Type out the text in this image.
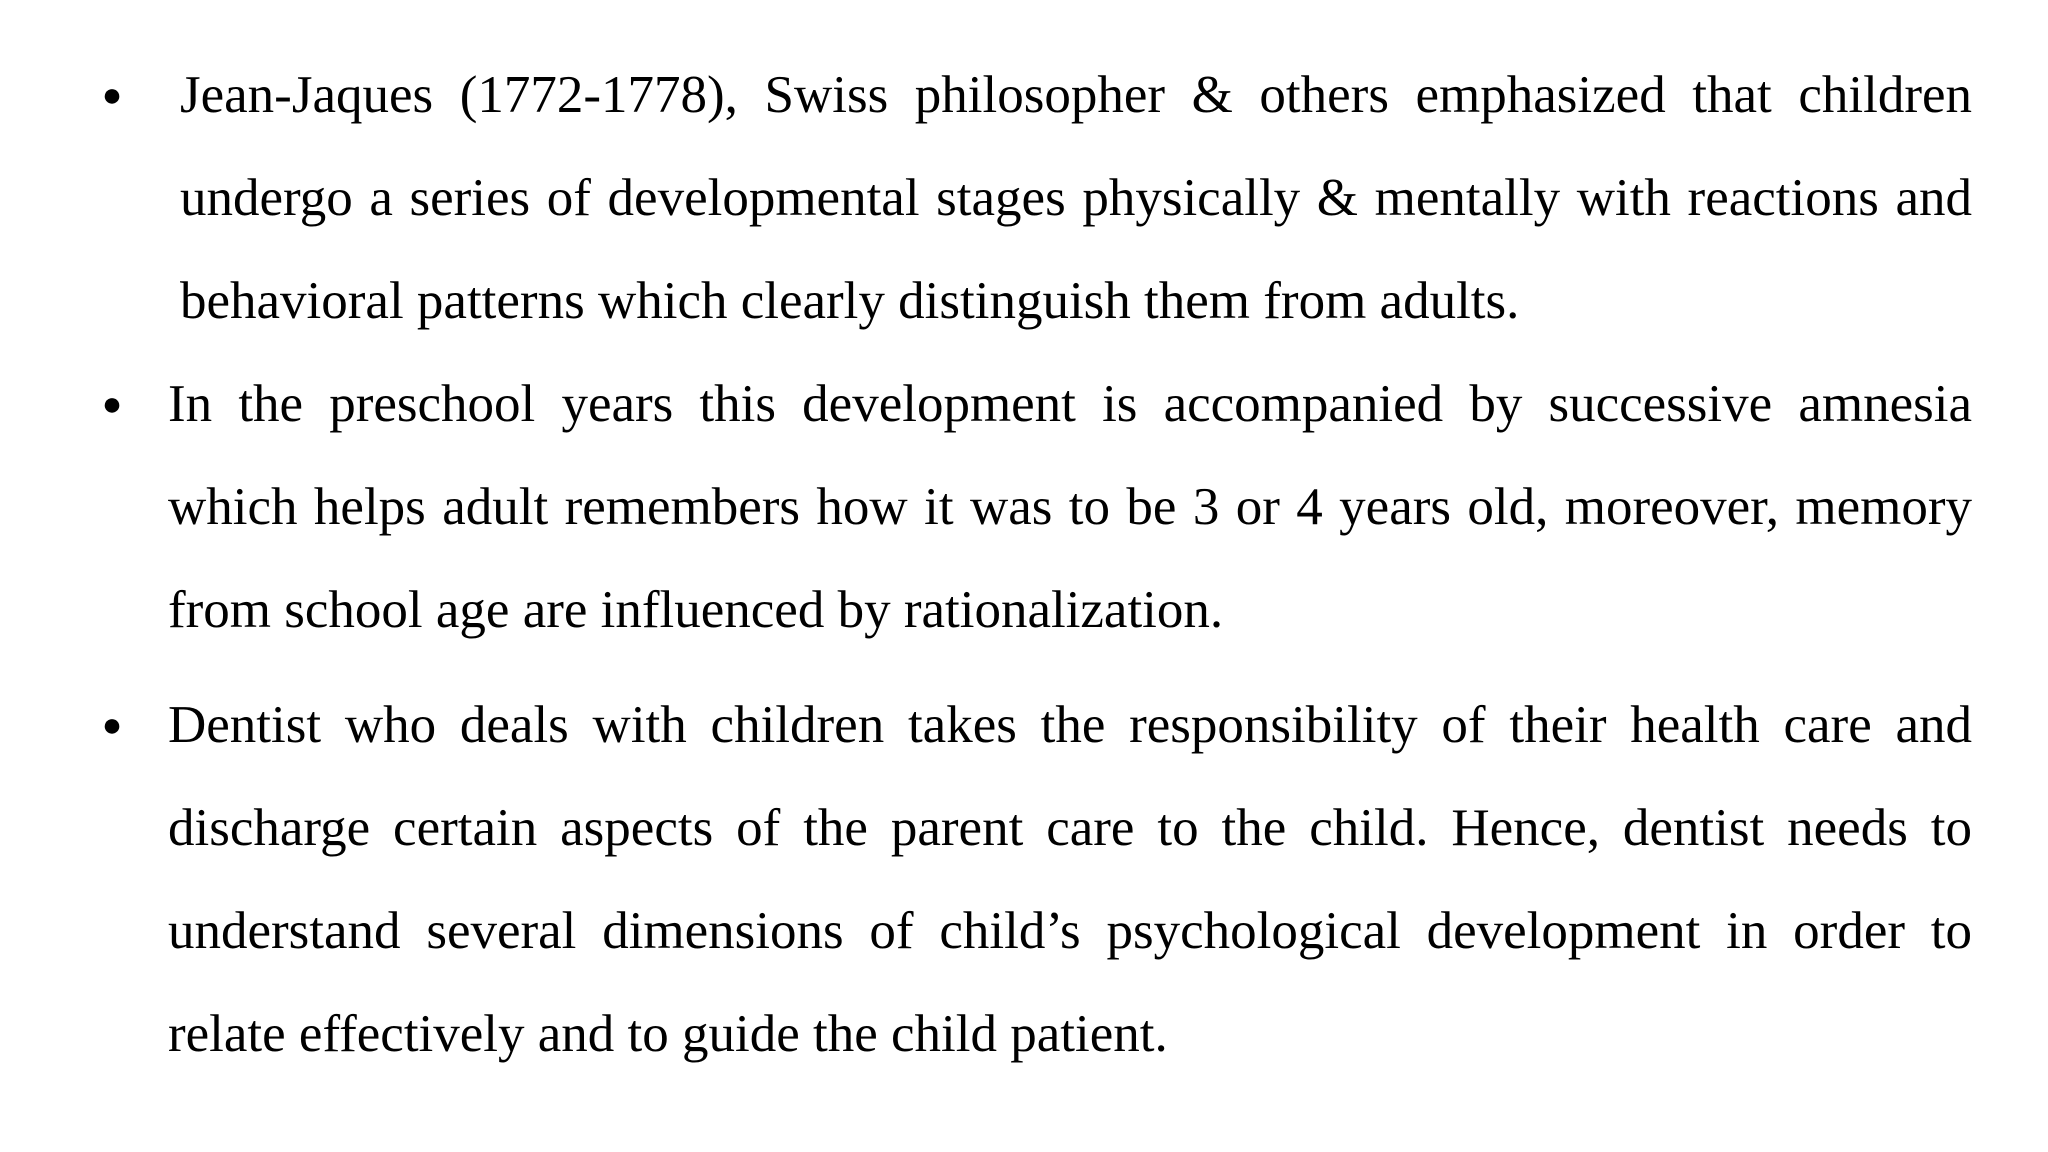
● Jean-Jaques (1772-1778), Swiss philosopher & others emphasized that children undergo a series of developmental stages physically & mentally with reactions and behavioral patterns which clearly distinguish them from adults.
● In the preschool years this development is accompanied by successive amnesia which helps adult remembers how it was to be 3 or 4 years old, moreover, memory from school age are influenced by rationalization.
● Dentist who deals with children takes the responsibility of their health care and discharge certain aspects of the parent care to the child. Hence, dentist needs to understand several dimensions of child’s psychological development in order to relate effectively and to guide the child patient.
